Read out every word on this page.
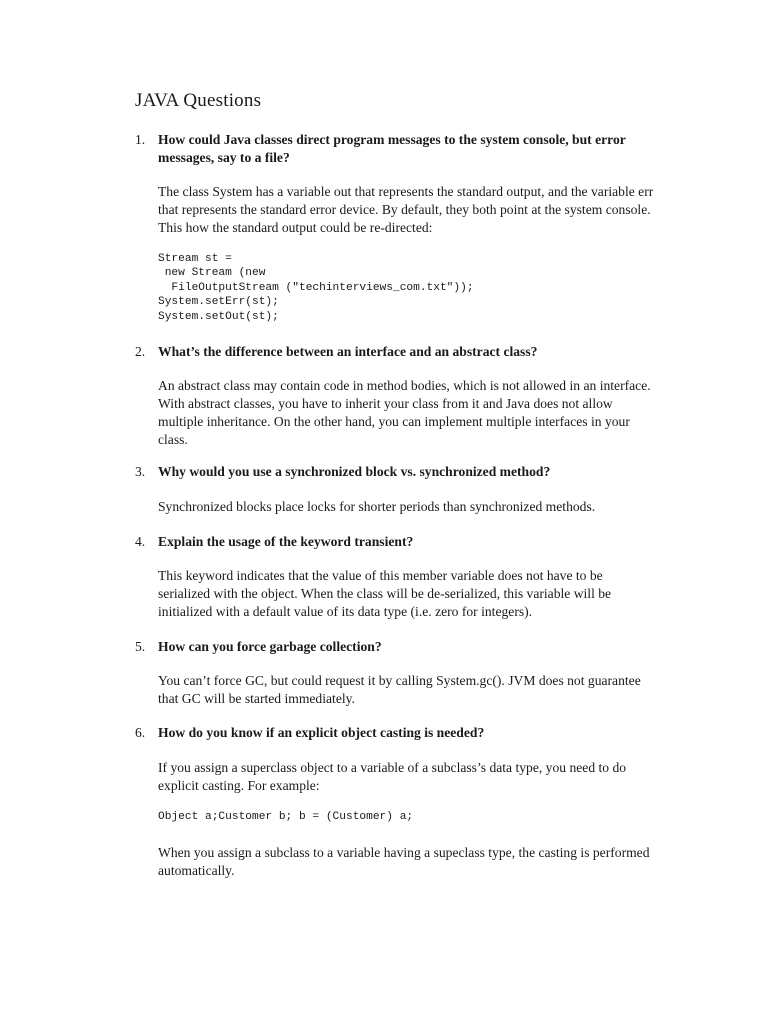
JAVA Questions
1. How could Java classes direct program messages to the system console, but error messages, say to a file?
The class System has a variable out that represents the standard output, and the variable err that represents the standard error device. By default, they both point at the system console. This how the standard output could be re-directed:
Stream st =
new Stream (new
FileOutputStream ("techinterviews_com.txt"));
System.setErr(st);
System.setOut(st);
2. What’s the difference between an interface and an abstract class?
An abstract class may contain code in method bodies, which is not allowed in an interface. With abstract classes, you have to inherit your class from it and Java does not allow multiple inheritance. On the other hand, you can implement multiple interfaces in your class.
3. Why would you use a synchronized block vs. synchronized method?
Synchronized blocks place locks for shorter periods than synchronized methods.
4. Explain the usage of the keyword transient?
This keyword indicates that the value of this member variable does not have to be serialized with the object. When the class will be de-serialized, this variable will be initialized with a default value of its data type (i.e. zero for integers).
5. How can you force garbage collection?
You can’t force GC, but could request it by calling System.gc(). JVM does not guarantee that GC will be started immediately.
6. How do you know if an explicit object casting is needed?
If you assign a superclass object to a variable of a subclass’s data type, you need to do explicit casting. For example:
Object a;Customer b; b = (Customer) a;
When you assign a subclass to a variable having a supeclass type, the casting is performed automatically.
